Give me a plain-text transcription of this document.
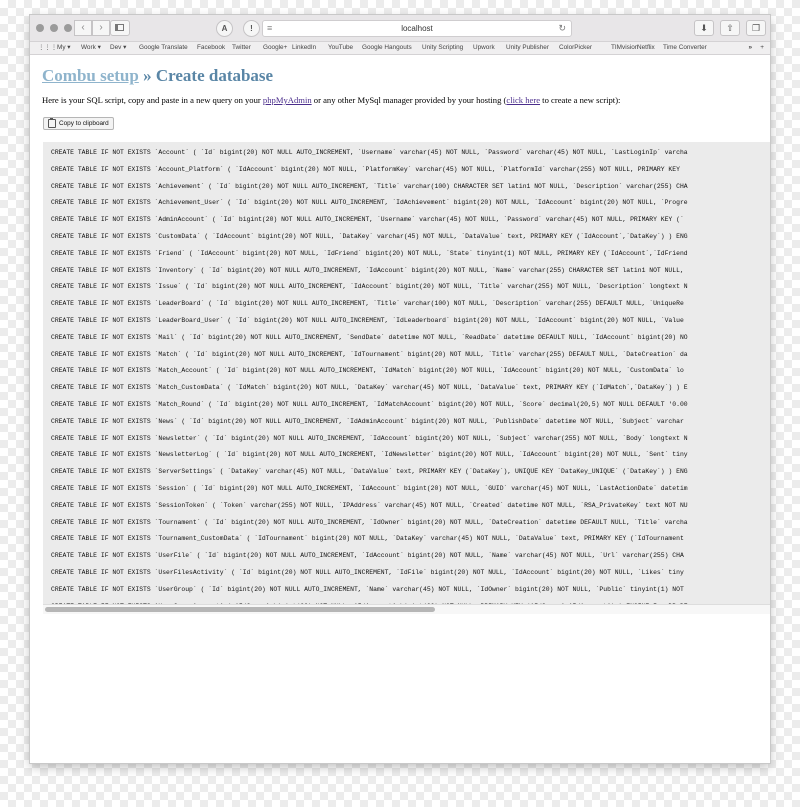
‹	›	A	!	≡	localhost	↻	⬇	⇧	❐
⋮⋮⋮ My ▾ Work ▾ Dev ▾ Google Translate Facebook Twitter Google+ LinkedIn YouTube Google Hangouts Unity Scripting Upwork Unity Publisher ColorPicker	TIMvision
Netflix Time Converter	» +
Combu setup » Create database
Here is your SQL script, copy and paste in a new query on your phpMyAdmin or any other MySql manager provided by your hosting (click here to create a new script):
Copy to clipboard
CREATE TABLE IF NOT EXISTS `UserGroup` ( `Id` bigint(20) NOT NULL AUTO_INCREMENT, `Name` varchar(45) NOT NULL, `IdOwner` bigint(20) NOT NULL, `Public` tinyint(1) NOT
CREATE TABLE IF NOT EXISTS `UserFilesActivity` ( `Id` bigint(20) NOT NULL AUTO_INCREMENT, `IdFile` bigint(20) NOT NULL, `IdAccount` bigint(20) NOT NULL, `Likes` tiny
CREATE TABLE IF NOT EXISTS `UserFile` ( `Id` bigint(20) NOT NULL AUTO_INCREMENT, `IdAccount` bigint(20) NOT NULL, `Name` varchar(45) NOT NULL, `Url` varchar(255) CHA
CREATE TABLE IF NOT EXISTS `Tournament_CustomData` ( `IdTournament` bigint(20) NOT NULL, `DataKey` varchar(45) NOT NULL, `DataValue` text, PRIMARY KEY (`IdTournament
CREATE TABLE IF NOT EXISTS `Tournament` ( `Id` bigint(20) NOT NULL AUTO_INCREMENT, `IdOwner` bigint(20) NOT NULL, `DateCreation` datetime DEFAULT NULL, `Title` varcha
CREATE TABLE IF NOT EXISTS `SessionToken` ( `Token` varchar(255) NOT NULL, `IPAddress` varchar(45) NOT NULL, `Created` datetime NOT NULL, `RSA_PrivateKey` text NOT NU
CREATE TABLE IF NOT EXISTS `Session` ( `Id` bigint(20) NOT NULL AUTO_INCREMENT, `IdAccount` bigint(20) NOT NULL, `GUID` varchar(45) NOT NULL, `LastActionDate` datetim
CREATE TABLE IF NOT EXISTS `ServerSettings` ( `DataKey` varchar(45) NOT NULL, `DataValue` text, PRIMARY KEY (`DataKey`), UNIQUE KEY `DataKey_UNIQUE` (`DataKey`) ) ENG
CREATE TABLE IF NOT EXISTS `NewsletterLog` ( `Id` bigint(20) NOT NULL AUTO_INCREMENT, `IdNewsletter` bigint(20) NOT NULL, `IdAccount` bigint(20) NOT NULL, `Sent` tiny
CREATE TABLE IF NOT EXISTS `Newsletter` ( `Id` bigint(20) NOT NULL AUTO_INCREMENT, `IdAccount` bigint(20) NOT NULL, `Subject` varchar(255) NOT NULL, `Body` longtext N
CREATE TABLE IF NOT EXISTS `News` ( `Id` bigint(20) NOT NULL AUTO_INCREMENT, `IdAdminAccount` bigint(20) NOT NULL, `PublishDate` datetime NOT NULL, `Subject` varchar
CREATE TABLE IF NOT EXISTS `Match_Round` ( `Id` bigint(20) NOT NULL AUTO_INCREMENT, `IdMatchAccount` bigint(20) NOT NULL, `Score` decimal(20,5) NOT NULL DEFAULT '0.00
CREATE TABLE IF NOT EXISTS `Match_CustomData` ( `IdMatch` bigint(20) NOT NULL, `DataKey` varchar(45) NOT NULL, `DataValue` text, PRIMARY KEY (`IdMatch`,`DataKey`) ) E
CREATE TABLE IF NOT EXISTS `Match_Account` ( `Id` bigint(20) NOT NULL AUTO_INCREMENT, `IdMatch` bigint(20) NOT NULL, `IdAccount` bigint(20) NOT NULL, `CustomData` lo
CREATE TABLE IF NOT EXISTS `Match` ( `Id` bigint(20) NOT NULL AUTO_INCREMENT, `IdTournament` bigint(20) NOT NULL, `Title` varchar(255) DEFAULT NULL, `DateCreation` da
CREATE TABLE IF NOT EXISTS `Mail` ( `Id` bigint(20) NOT NULL AUTO_INCREMENT, `SendDate` datetime NOT NULL, `ReadDate` datetime DEFAULT NULL, `IdAccount` bigint(20) NO
CREATE TABLE IF NOT EXISTS `LeaderBoard_User` ( `Id` bigint(20) NOT NULL AUTO_INCREMENT, `IdLeaderboard` bigint(20) NOT NULL, `IdAccount` bigint(20) NOT NULL, `Value
CREATE TABLE IF NOT EXISTS `LeaderBoard` ( `Id` bigint(20) NOT NULL AUTO_INCREMENT, `Title` varchar(100) NOT NULL, `Description` varchar(255) DEFAULT NULL, `UniqueRe
CREATE TABLE IF NOT EXISTS `Issue` ( `Id` bigint(20) NOT NULL AUTO_INCREMENT, `IdAccount` bigint(20) NOT NULL, `Title` varchar(255) NOT NULL, `Description` longtext N
CREATE TABLE IF NOT EXISTS `Inventory` ( `Id` bigint(20) NOT NULL AUTO_INCREMENT, `IdAccount` bigint(20) NOT NULL, `Name` varchar(255) CHARACTER SET latin1 NOT NULL,
CREATE TABLE IF NOT EXISTS `Friend` ( `IdAccount` bigint(20) NOT NULL, `IdFriend` bigint(20) NOT NULL, `State` tinyint(1) NOT NULL, PRIMARY KEY (`IdAccount`,`IdFriend
CREATE TABLE IF NOT EXISTS `CustomData` ( `IdAccount` bigint(20) NOT NULL, `DataKey` varchar(45) NOT NULL, `DataValue` text, PRIMARY KEY (`IdAccount`,`DataKey`) ) ENG
CREATE TABLE IF NOT EXISTS `AdminAccount` ( `Id` bigint(20) NOT NULL AUTO_INCREMENT, `Username` varchar(45) NOT NULL, `Password` varchar(45) NOT NULL, PRIMARY KEY (`
CREATE TABLE IF NOT EXISTS `Achievement_User` ( `Id` bigint(20) NOT NULL AUTO_INCREMENT, `IdAchievement` bigint(20) NOT NULL, `IdAccount` bigint(20) NOT NULL, `Progre
CREATE TABLE IF NOT EXISTS `Achievement` ( `Id` bigint(20) NOT NULL AUTO_INCREMENT, `Title` varchar(100) CHARACTER SET latin1 NOT NULL, `Description` varchar(255) CHA
CREATE TABLE IF NOT EXISTS `Account_Platform` ( `IdAccount` bigint(20) NOT NULL, `PlatformKey` varchar(45) NOT NULL, `PlatformId` varchar(255) NOT NULL, PRIMARY KEY
CREATE TABLE IF NOT EXISTS `Account` ( `Id` bigint(20) NOT NULL AUTO_INCREMENT, `Username` varchar(45) NOT NULL, `Password` varchar(45) NOT NULL, `LastLoginIp` varcha
